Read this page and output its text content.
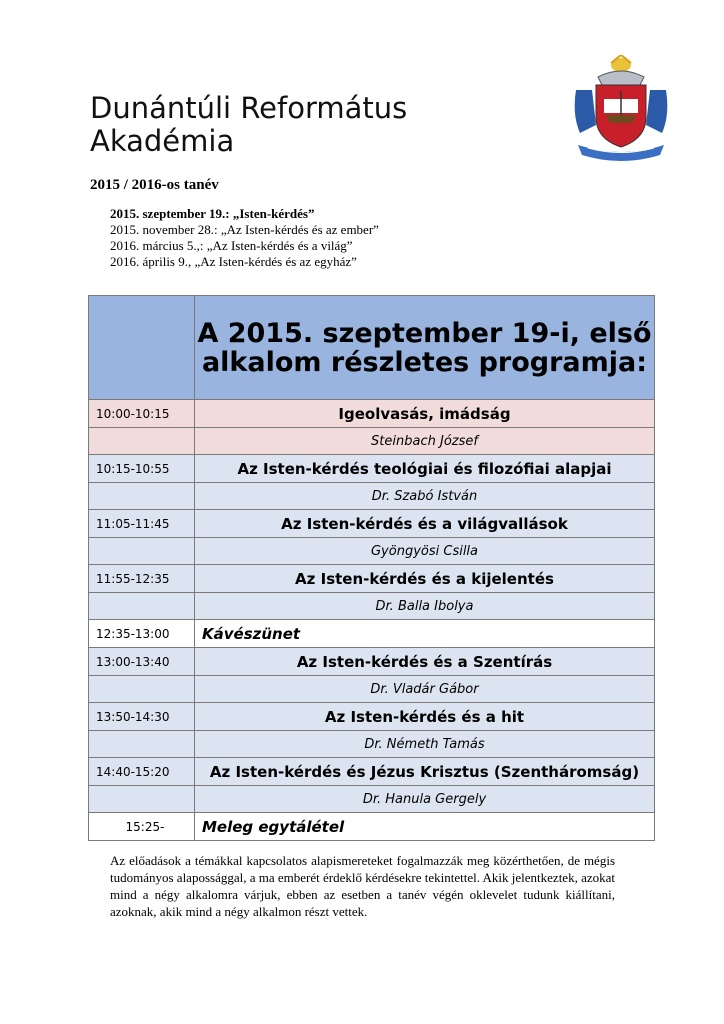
Dunántúli Református
Akadémia
2015 / 2016-os tanév
2015. szeptember 19.: „Isten-kérdés”
2015. november 28.: „Az Isten-kérdés és az ember”
2016. március 5.,: „Az Isten-kérdés és a világ”
2016. április 9., „Az Isten-kérdés és az egyház”
	A 2015. szeptember 19-i, első alkalom részletes programja:
10:00-10:15	Igeolvasás, imádság
	Steinbach József
10:15-10:55	Az Isten-kérdés teológiai és filozófiai alapjai
	Dr. Szabó István
11:05-11:45	Az Isten-kérdés és a világvallások
	Gyöngyösi Csilla
11:55-12:35	Az Isten-kérdés és a kijelentés
	Dr. Balla Ibolya
12:35-13:00	Kávészünet
13:00-13:40	Az Isten-kérdés és a Szentírás
	Dr. Vladár Gábor
13:50-14:30	Az Isten-kérdés és a hit
	Dr. Németh Tamás
14:40-15:20	Az Isten-kérdés és Jézus Krisztus (Szentháromság)
	Dr. Hanula Gergely
15:25-	Meleg egytálétel
Az előadások a témákkal kapcsolatos alapismereteket fogalmazzák meg közérthetően, de mégis tudományos alapossággal, a ma emberét érdeklő kérdésekre tekintettel. Akik jelentkeztek, azokat mind a négy alkalomra várjuk, ebben az esetben a tanév végén oklevelet tudunk kiállítani, azoknak, akik mind a négy alkalmon részt vettek.
